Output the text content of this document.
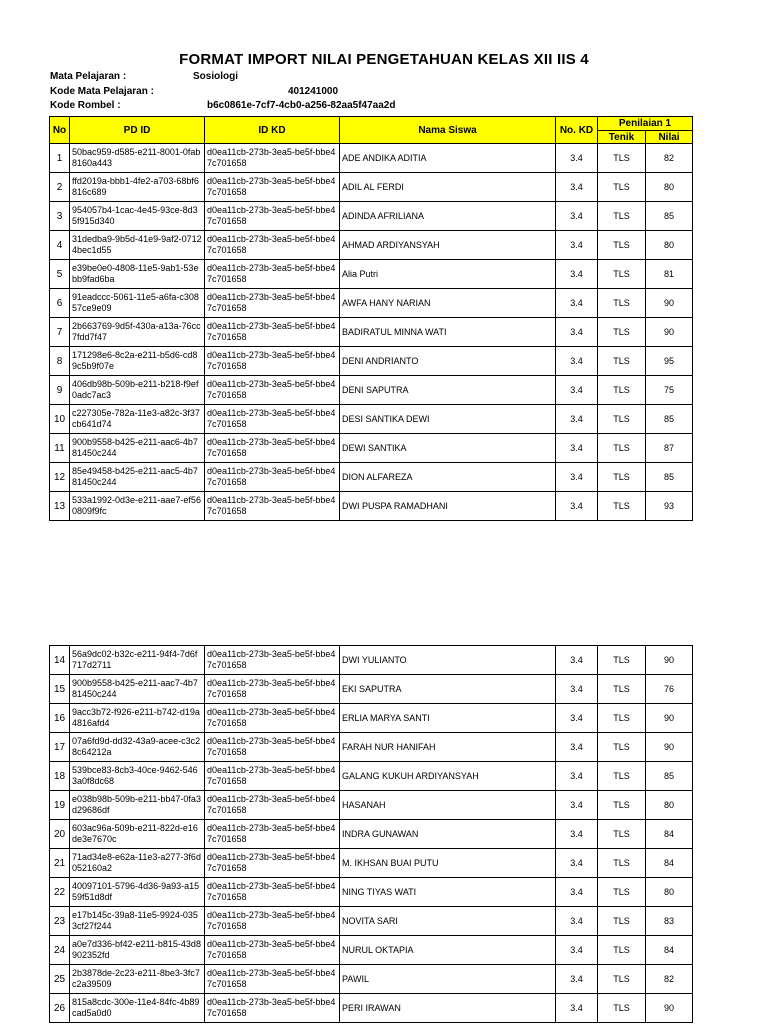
FORMAT IMPORT NILAI PENGETAHUAN KELAS XII IIS 4
Mata Pelajaran :	Sosiologi
Kode Mata Pelajaran :	401241000
Kode Rombel :	b6c0861e-7cf7-4cb0-a256-82aa5f47aa2d
No	PD ID	ID KD	Nama Siswa	No. KD	Penilaian 1	
					Tenik	Nilai
1	50bac959-d585-e211-8001-0fab8160a443	d0ea11cb-273b-3ea5-be5f-bbe47c701658	ADE ANDIKA ADITIA	3.4	TLS	82
2	ffd2019a-bbb1-4fe2-a703-68bf6816c689	d0ea11cb-273b-3ea5-be5f-bbe47c701658	ADIL AL FERDI	3.4	TLS	80
3	954057b4-1cac-4e45-93ce-8d35f915d340	d0ea11cb-273b-3ea5-be5f-bbe47c701658	ADINDA AFRILIANA	3.4	TLS	85
4	31dedba9-9b5d-41e9-9af2-07124bec1d55	d0ea11cb-273b-3ea5-be5f-bbe47c701658	AHMAD ARDIYANSYAH	3.4	TLS	80
5	e39be0e0-4808-11e5-9ab1-53ebb9fad6ba	d0ea11cb-273b-3ea5-be5f-bbe47c701658	Alia Putri	3.4	TLS	81
6	91eadccc-5061-11e5-a6fa-c30857ce9e09	d0ea11cb-273b-3ea5-be5f-bbe47c701658	AWFA HANY NARIAN	3.4	TLS	90
7	2b663769-9d5f-430a-a13a-76cc7fdd7f47	d0ea11cb-273b-3ea5-be5f-bbe47c701658	BADIRATUL MINNA WATI	3.4	TLS	90
8	171298e6-8c2a-e211-b5d6-cd89c5b9f07e	d0ea11cb-273b-3ea5-be5f-bbe47c701658	DENI ANDRIANTO	3.4	TLS	95
9	406db98b-509b-e211-b218-f9ef0adc7ac3	d0ea11cb-273b-3ea5-be5f-bbe47c701658	DENI SAPUTRA	3.4	TLS	75
10	c227305e-782a-11e3-a82c-3f37cb641d74	d0ea11cb-273b-3ea5-be5f-bbe47c701658	DESI SANTIKA DEWI	3.4	TLS	85
11	900b9558-b425-e211-aac6-4b781450c244	d0ea11cb-273b-3ea5-be5f-bbe47c701658	DEWI SANTIKA	3.4	TLS	87
12	85e49458-b425-e211-aac5-4b781450c244	d0ea11cb-273b-3ea5-be5f-bbe47c701658	DION ALFAREZA	3.4	TLS	85
13	533a1992-0d3e-e211-aae7-ef560809f9fc	d0ea11cb-273b-3ea5-be5f-bbe47c701658	DWI PUSPA RAMADHANI	3.4	TLS	93
14	56a9dc02-b32c-e211-94f4-7d6f717d2711	d0ea11cb-273b-3ea5-be5f-bbe47c701658	DWI YULIANTO	3.4	TLS	90
15	900b9558-b425-e211-aac7-4b781450c244	d0ea11cb-273b-3ea5-be5f-bbe47c701658	EKI SAPUTRA	3.4	TLS	76
16	9acc3b72-f926-e211-b742-d19a4816afd4	d0ea11cb-273b-3ea5-be5f-bbe47c701658	ERLIA MARYA SANTI	3.4	TLS	90
17	07a6fd9d-dd32-43a9-acee-c3c28c64212a	d0ea11cb-273b-3ea5-be5f-bbe47c701658	FARAH NUR HANIFAH	3.4	TLS	90
18	539bce83-8cb3-40ce-9462-5463a0f8dc68	d0ea11cb-273b-3ea5-be5f-bbe47c701658	GALANG KUKUH ARDIYANSYAH	3.4	TLS	85
19	e038b98b-509b-e211-bb47-0fa3d29686df	d0ea11cb-273b-3ea5-be5f-bbe47c701658	HASANAH	3.4	TLS	80
20	603ac96a-509b-e211-822d-e16de3e7670c	d0ea11cb-273b-3ea5-be5f-bbe47c701658	INDRA GUNAWAN	3.4	TLS	84
21	71ad34e8-e62a-11e3-a277-3f6d052160a2	d0ea11cb-273b-3ea5-be5f-bbe47c701658	M. IKHSAN BUAI PUTU	3.4	TLS	84
22	40097101-5796-4d36-9a93-a1559f51d8df	d0ea11cb-273b-3ea5-be5f-bbe47c701658	NING TIYAS WATI	3.4	TLS	80
23	e17b145c-39a8-11e5-9924-0353cf27f244	d0ea11cb-273b-3ea5-be5f-bbe47c701658	NOVITA SARI	3.4	TLS	83
24	a0e7d336-bf42-e211-b815-43d8902352fd	d0ea11cb-273b-3ea5-be5f-bbe47c701658	NURUL OKTAPIA	3.4	TLS	84
25	2b3878de-2c23-e211-8be3-3fc7c2a39509	d0ea11cb-273b-3ea5-be5f-bbe47c701658	PAWIL	3.4	TLS	82
26	815a8cdc-300e-11e4-84fc-4b89cad5a0d0	d0ea11cb-273b-3ea5-be5f-bbe47c701658	PERI IRAWAN	3.4	TLS	90
